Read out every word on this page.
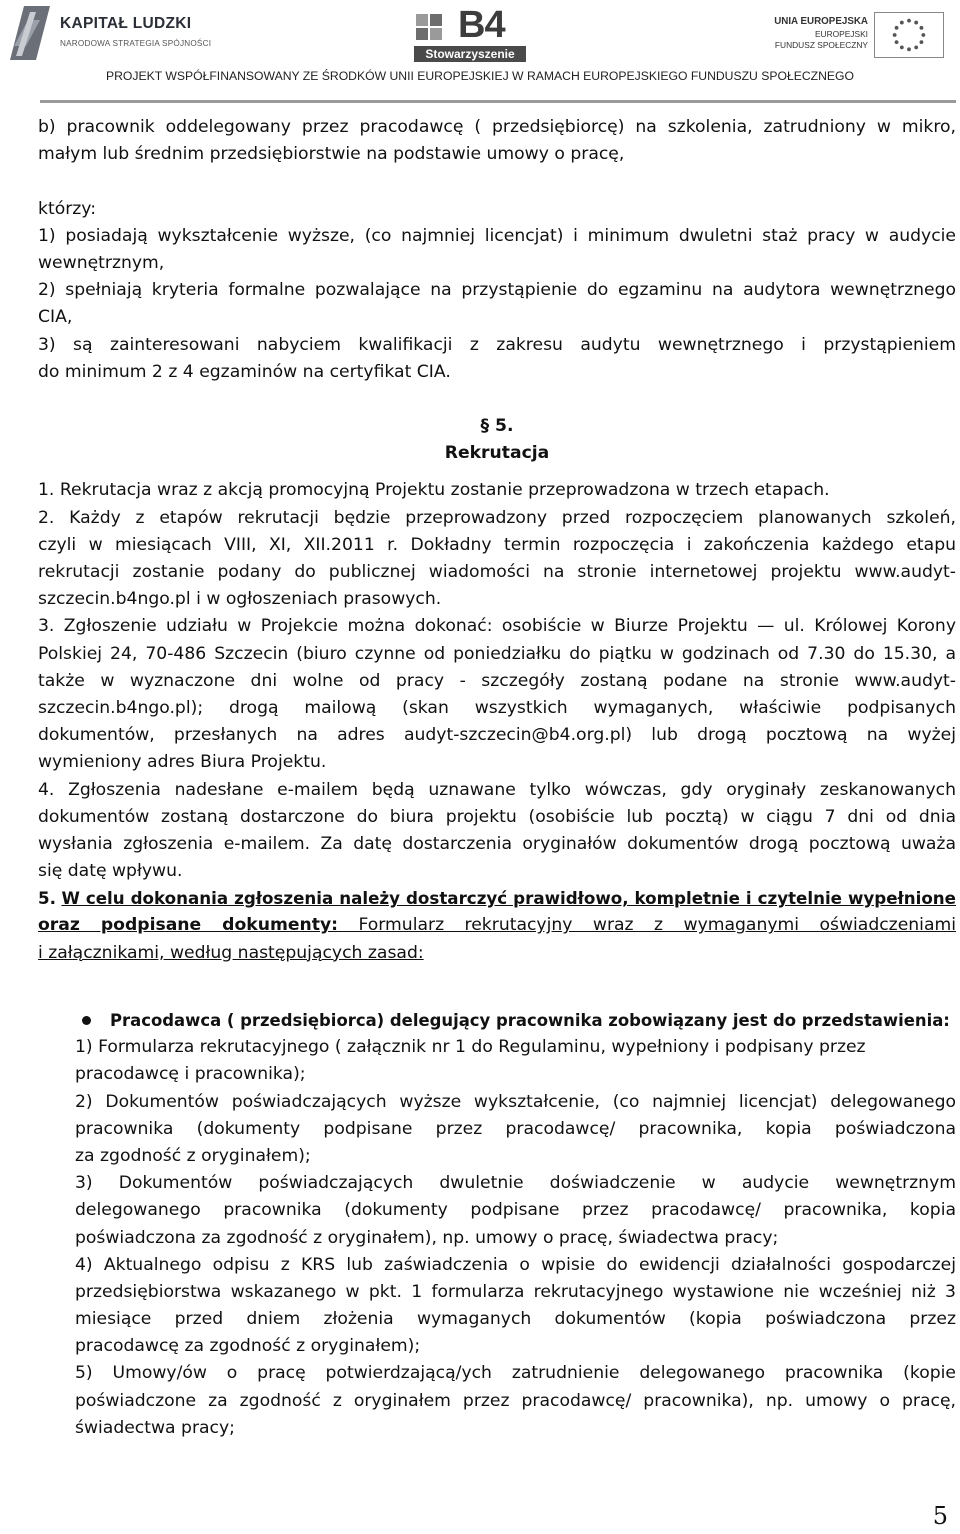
KAPITAŁ LUDZKI
NARODOWA STRATEGIA SPÓJNOŚCI	B4
Stowarzyszenie
UNIA EUROPEJSKA
EUROPEJSKI
FUNDUSZ SPOŁECZNY
PROJEKT WSPÓŁFINANSOWANY ZE ŚRODKÓW UNII EUROPEJSKIEJ W RAMACH EUROPEJSKIEGO FUNDUSZU SPOŁECZNEGO
b) pracownik oddelegowany przez pracodawcę ( przedsiębiorcę) na szkolenia, zatrudniony w mikro,
małym lub średnim przedsiębiorstwie na podstawie umowy o pracę,
którzy:
1) posiadają wykształcenie wyższe, (co najmniej licencjat) i minimum dwuletni staż pracy w audycie
wewnętrznym,
2) spełniają kryteria formalne pozwalające na przystąpienie do egzaminu na audytora wewnętrznego
CIA,
3) są zainteresowani nabyciem kwalifikacji z zakresu audytu wewnętrznego i przystąpieniem
do minimum 2 z 4 egzaminów na certyfikat CIA.
§ 5.
Rekrutacja
1. Rekrutacja wraz z akcją promocyjną Projektu zostanie przeprowadzona w trzech etapach.
2. Każdy z etapów rekrutacji będzie przeprowadzony przed rozpoczęciem planowanych szkoleń,
czyli w miesiącach VIII, XI, XII.2011 r. Dokładny termin rozpoczęcia i zakończenia każdego etapu
rekrutacji zostanie podany do publicznej wiadomości na stronie internetowej projektu www.audyt-
szczecin.b4ngo.pl i w ogłoszeniach prasowych.
3. Zgłoszenie udziału w Projekcie można dokonać: osobiście w Biurze Projektu — ul. Królowej Korony
Polskiej 24, 70-486 Szczecin (biuro czynne od poniedziałku do piątku w godzinach od 7.30 do 15.30, a
także w wyznaczone dni wolne od pracy - szczegóły zostaną podane na stronie www.audyt-
szczecin.b4ngo.pl); drogą mailową (skan wszystkich wymaganych, właściwie podpisanych
dokumentów, przesłanych na adres audyt-szczecin@b4.org.pl) lub drogą pocztową na wyżej
wymieniony adres Biura Projektu.
4. Zgłoszenia nadesłane e-mailem będą uznawane tylko wówczas, gdy oryginały zeskanowanych
dokumentów zostaną dostarczone do biura projektu (osobiście lub pocztą) w ciągu 7 dni od dnia
wysłania zgłoszenia e-mailem. Za datę dostarczenia oryginałów dokumentów drogą pocztową uważa
się datę wpływu.
5. W celu dokonania zgłoszenia należy dostarczyć prawidłowo, kompletnie i czytelnie wypełnione
oraz podpisane dokumenty: Formularz rekrutacyjny wraz z wymaganymi oświadczeniami
i załącznikami, według następujących zasad:
Pracodawca ( przedsiębiorca) delegujący pracownika zobowiązany jest do przedstawienia:
1) Formularza rekrutacyjnego ( załącznik nr 1 do Regulaminu, wypełniony i podpisany przez
pracodawcę i pracownika);
2) Dokumentów poświadczających wyższe wykształcenie, (co najmniej licencjat) delegowanego
pracownika (dokumenty podpisane przez pracodawcę/ pracownika, kopia poświadczona
za zgodność z oryginałem);
3) Dokumentów poświadczających dwuletnie doświadczenie w audycie wewnętrznym
delegowanego pracownika (dokumenty podpisane przez pracodawcę/ pracownika, kopia
poświadczona za zgodność z oryginałem), np. umowy o pracę, świadectwa pracy;
4) Aktualnego odpisu z KRS lub zaświadczenia o wpisie do ewidencji działalności gospodarczej
przedsiębiorstwa wskazanego w pkt. 1 formularza rekrutacyjnego wystawione nie wcześniej niż 3
miesiące przed dniem złożenia wymaganych dokumentów (kopia poświadczona przez
pracodawcę za zgodność z oryginałem);
5) Umowy/ów o pracę potwierdzającą/ych zatrudnienie delegowanego pracownika (kopie
poświadczone za zgodność z oryginałem przez pracodawcę/ pracownika), np. umowy o pracę,
świadectwa pracy;
5
